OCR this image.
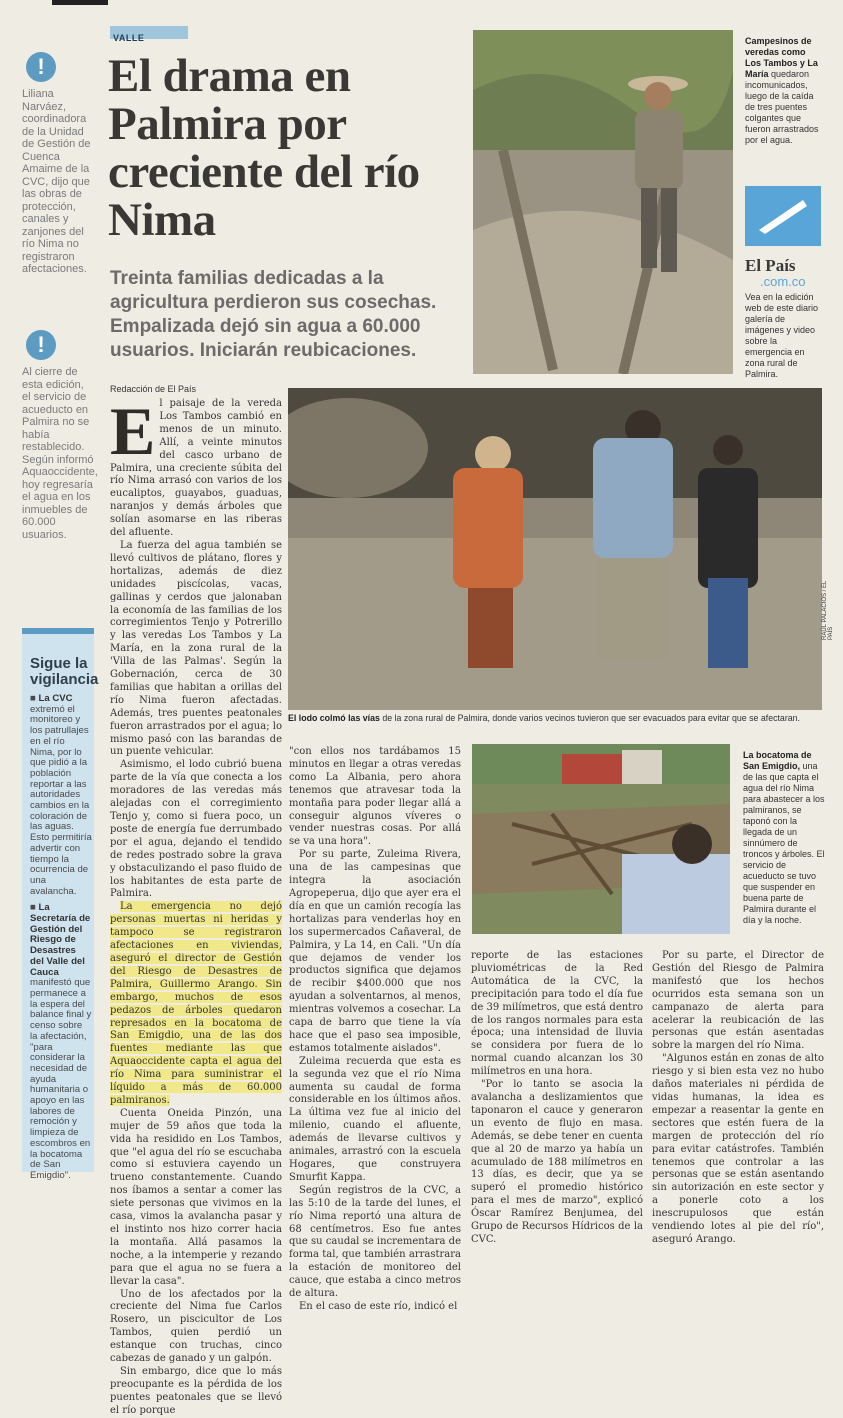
VALLE
El drama en Palmira por creciente del río Nima
Treinta familias dedicadas a la agricultura perdieron sus cosechas. Empalizada dejó sin agua a 60.000 usuarios. Iniciarán reubicaciones.
!
Liliana Narváez, coordinadora de la Unidad de Gestión de Cuenca Amaime de la CVC, dijo que las obras de protección, canales y zanjones del río Nima no registraron afectaciones.
!
Al cierre de esta edición, el servicio de acueducto en Palmira no se había restablecido. Según informó Aquaoccidente, hoy regresaría el agua en los inmuebles de 60.000 usuarios.
Sigue la vigilancia
■ La CVC extremó el monitoreo y los patrullajes en el río Nima, por lo que pidió a la población reportar a las autoridades cambios en la coloración de las aguas. Esto permitiría advertir con tiempo la ocurrencia de una avalancha.
■ La Secretaría de Gestión del Riesgo de Desastres del Valle del Cauca manifestó que permanece a la espera del balance final y censo sobre la afectación, "para considerar la necesidad de ayuda humanitaria o apoyo en las labores de remoción y limpieza de escombros en la bocatoma de San Emigdio".
Campesinos de veredas como Los Tambos y La María quedaron incomunicados, luego de la caída de tres puentes colgantes que fueron arrastrados por el agua.
El País
.com.co
Vea en la edición web de este diario galería de imágenes y video sobre la emergencia en zona rural de Palmira.
RAÚL PALACIOS / EL PAÍS
El lodo colmó las vías de la zona rural de Palmira, donde varios vecinos tuvieron que ser evacuados para evitar que se afectaran.
La bocatoma de San Emigdio, una de las que capta el agua del río Nima para abastecer a los palmiranos, se taponó con la llegada de un sinnúmero de troncos y árboles. El servicio de acueducto se tuvo que suspender en buena parte de Palmira durante el día y la noche.
Redacción de El País
E l paisaje de la vereda Los Tambos cambió en menos de un minuto. Allí, a veinte minutos del casco urbano de Palmira, una creciente súbita del río Nima arrasó con varios de los eucaliptos, guayabos, guaduas, naranjos y demás árboles que solían asomarse en las riberas del afluente.

La fuerza del agua también se llevó cultivos de plátano, flores y hortalizas, además de diez unidades piscícolas, vacas, gallinas y cerdos que jalonaban la economía de las familias de los corregimientos Tenjo y Potrerillo y las veredas Los Tambos y La María, en la zona rural de la 'Villa de las Palmas'. Según la Gobernación, cerca de 30 familias que habitan a orillas del río Nima fueron afectadas. Además, tres puentes peatonales fueron arrastrados por el agua; lo mismo pasó con las barandas de un puente vehicular.

Asimismo, el lodo cubrió buena parte de la vía que conecta a los moradores de las veredas más alejadas con el corregimiento Tenjo y, como si fuera poco, un poste de energía fue derrumbado por el agua, dejando el tendido de redes postrado sobre la grava y obstaculizando el paso fluido de los habitantes de esta parte de Palmira.

La emergencia no dejó personas muertas ni heridas y tampoco se registraron afectaciones en viviendas, aseguró el director de Gestión del Riesgo de Desastres de Palmira, Guillermo Arango. Sin embargo, muchos de esos pedazos de árboles quedaron represados en la bocatoma de San Emigdio, una de las dos fuentes mediante las que Aquaoccidente capta el agua del río Nima para suministrar el líquido a más de 60.000 palmiranos.

Cuenta Oneida Pinzón, una mujer de 59 años que toda la vida ha residido en Los Tambos, que "el agua del río se escuchaba como si estuviera cayendo un trueno constantemente. Cuando nos íbamos a sentar a comer las siete personas que vivimos en la casa, vimos la avalancha pasar y el instinto nos hizo correr hacia la montaña. Allá pasamos la noche, a la intemperie y rezando para que el agua no se fuera a llevar la casa".

Uno de los afectados por la creciente del Nima fue Carlos Rosero, un piscicultor de Los Tambos, quien perdió un estanque con truchas, cinco cabezas de ganado y un galpón.

Sin embargo, dice que lo más preocupante es la pérdida de los puentes peatonales que se llevó el río porque

"con ellos nos tardábamos 15 minutos en llegar a otras veredas como La Albania, pero ahora tenemos que atravesar toda la montaña para poder llegar allá a conseguir algunos víveres o vender nuestras cosas. Por allá se va una hora".

Por su parte, Zuleima Rivera, una de las campesinas que integra la asociación Agropeperua, dijo que ayer era el día en que un camión recogía las hortalizas para venderlas hoy en los supermercados Cañaveral, de Palmira, y La 14, en Cali. "Un día que dejamos de vender los productos significa que dejamos de recibir $400.000 que nos ayudan a solventarnos, al menos, mientras volvemos a cosechar. La capa de barro que tiene la vía hace que el paso sea imposible, estamos totalmente aislados".

Zuleima recuerda que esta es la segunda vez que el río Nima aumenta su caudal de forma considerable en los últimos años. La última vez fue al inicio del milenio, cuando el afluente, además de llevarse cultivos y animales, arrastró con la escuela Hogares, que construyera Smurfit Kappa.

Según registros de la CVC, a las 5:10 de la tarde del lunes, el río Nima reportó una altura de 68 centímetros. Eso fue antes que su caudal se incrementara de forma tal, que también arrastrara la estación de monitoreo del cauce, que estaba a cinco metros de altura.

En el caso de este río, indicó el

reporte de las estaciones pluviométricas de la Red Automática de la CVC, la precipitación para todo el día fue de 39 milímetros, que está dentro de los rangos normales para esta época; una intensidad de lluvia se considera por fuera de lo normal cuando alcanzan los 30 milímetros en una hora.

"Por lo tanto se asocia la avalancha a deslizamientos que taponaron el cauce y generaron un evento de flujo en masa. Además, se debe tener en cuenta que al 20 de marzo ya había un acumulado de 188 milímetros en 13 días, es decir, que ya se superó el promedio histórico para el mes de marzo", explicó Óscar Ramírez Benjumea, del Grupo de Recursos Hídricos de la CVC.

Por su parte, el Director de Gestión del Riesgo de Palmira manifestó que los hechos ocurridos esta semana son un campanazo de alerta para acelerar la reubicación de las personas que están asentadas sobre la margen del río Nima.

"Algunos están en zonas de alto riesgo y si bien esta vez no hubo daños materiales ni pérdida de vidas humanas, la idea es empezar a reasentar la gente en sectores que estén fuera de la margen de protección del río para evitar catástrofes. También tenemos que controlar a las personas que se están asentando sin autorización en este sector y a ponerle coto a los inescrupulosos que están vendiendo lotes al pie del río", aseguró Arango.
